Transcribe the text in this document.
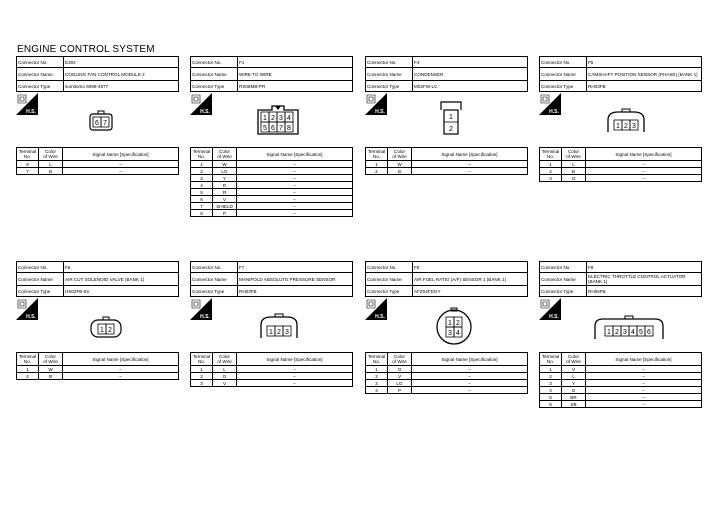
ENGINE CONTROL SYSTEM
Connector No.	E304
Connector Name	COOLING FAN CONTROL MODULE 2
Connector Type	sumitomo 6098-4977
Connector No.	F1
Connector Name	WIRE TO WIRE
Connector Type	RS08MB-PR
Connector No.	F4
Connector Name	CONDENSER
Connector Type	M02FW-LC
Connector No.	F5
Connector Name	CAMSHAFT POSITION SENSOR (PHASE) (BANK 1)
Connector Type	RH03FB
H.S.	H.S.	H.S.	H.S.
6 7
1 2 3 4
5 6 7 8
1
2	1 2 3
Terminal
No.	Color
of Wire	Signal Name [Specification]
6	L	–
7	B	–
Terminal
No.	Color
of Wire	Signal Name [Specification]
1	W	–
2	LG	–
3	Y	–
4	R	–
5	R	–
6	V	–
7	SHIELD	–
8	P	–
Terminal
No.	Color
of Wire	Signal Name [Specification]
1	W	–
2	B	–
Terminal
No.	Color
of Wire	Signal Name [Specification]
1	L	–
2	B	–
3	O	–
Connector No.	F6
Connector Name	AIR CUT SOLENOID VALVE (BANK 1)
Connector Type	HS02FB-6V
Connector No.	F7
Connector Name	MANIFOLD ABSOLUTE PRESSURE SENSOR
Connector Type	RH03FB
Connector No.	F8
Connector Name	AIR FUEL RATIO (A/F) SENSOR 1 (BANK 1)
Connector Type	AFZ04FDGY
Connector No.	F9
Connector Name	ELECTRIC THROTTLE CONTROL ACTUATOR (BANK 1)
Connector Type	RH06FB
H.S.	H.S.	H.S.	H.S.
1 2	1 2 3
1 2
3 4	1 2 3 4 5 6
Terminal
No.	Color
of Wire	Signal Name [Specification]
1	W	–
2	B	–
Terminal
No.	Color
of Wire	Signal Name [Specification]
1	L	–
2	G	–
3	V	–
Terminal
No.	Color
of Wire	Signal Name [Specification]
1	O	–
2	V	–
3	LG	–
4	P	–
Terminal
No.	Color
of Wire	Signal Name [Specification]
1	V	–
2	L	–
3	Y	–
4	G	–
5	BR	–
6	SB	–
